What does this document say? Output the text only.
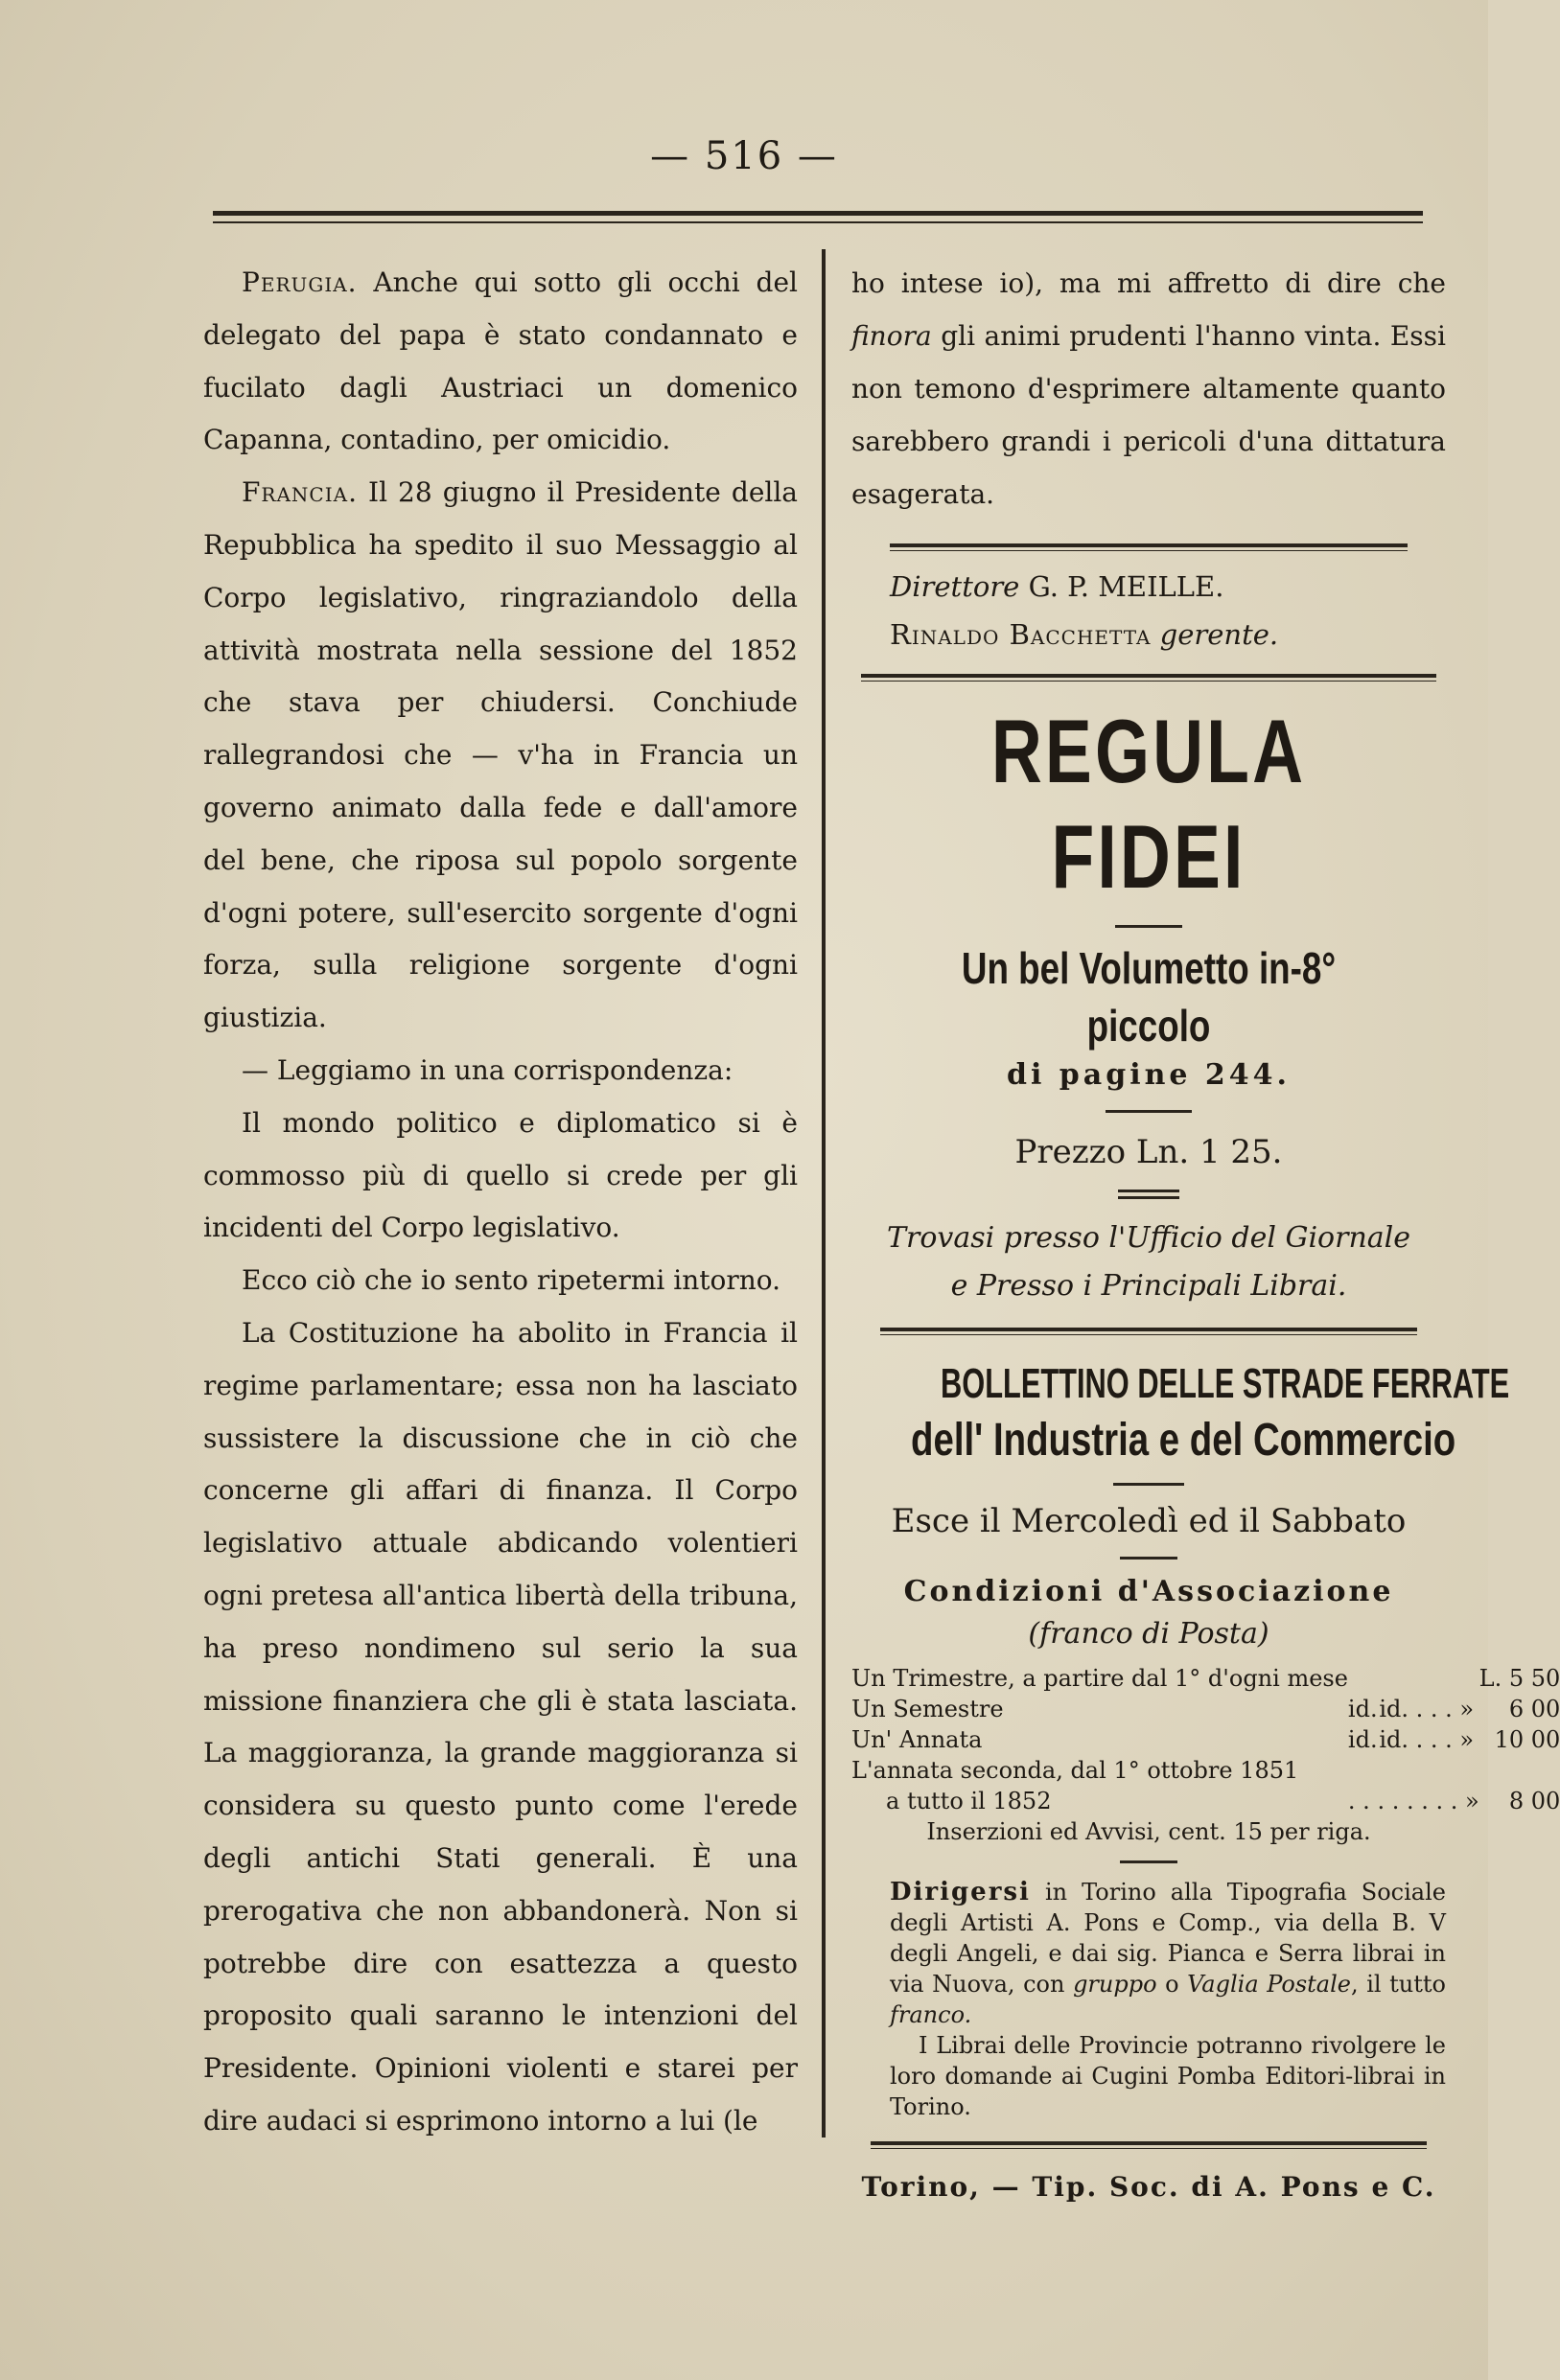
— 516 —

Perugia. Anche qui sotto gli occhi del delegato del papa è stato condannato e fucilato dagli Austriaci un domenico Capanna, contadino, per omicidio.

Francia. Il 28 giugno il Presidente della Repubblica ha spedito il suo Messaggio al Corpo legislativo, ringraziandolo della attività mostrata nella sessione del 1852 che stava per chiudersi. Conchiude rallegrandosi che — v'ha in Francia un governo animato dalla fede e dall'amore del bene, che riposa sul popolo sorgente d'ogni potere, sull'esercito sorgente d'ogni forza, sulla religione sorgente d'ogni giustizia.

— Leggiamo in una corrispondenza:

Il mondo politico e diplomatico si è commosso più di quello si crede per gli incidenti del Corpo legislativo.

Ecco ciò che io sento ripetermi intorno.

La Costituzione ha abolito in Francia il regime parlamentare; essa non ha lasciato sussistere la discussione che in ciò che concerne gli affari di finanza. Il Corpo legislativo attuale abdicando volentieri ogni pretesa all'antica libertà della tribuna, ha preso nondimeno sul serio la sua missione finanziera che gli è stata lasciata. La maggioranza, la grande maggioranza si considera su questo punto come l'erede degli antichi Stati generali. È una prerogativa che non abbandonerà. Non si potrebbe dire con esattezza a questo proposito quali saranno le intenzioni del Presidente. Opinioni violenti e starei per dire audaci si esprimono intorno a lui (le

ho intese io), ma mi affretto di dire che finora gli animi prudenti l'hanno vinta. Essi non temono d'esprimere altamente quanto sarebbero grandi i pericoli d'una dittatura esagerata.

Direttore G. P. MEILLE.
Rinaldo Bacchetta gerente.

REGULA FIDEI

Un bel Volumetto in-8° piccolo

di pagine 244.

Prezzo Ln. 1 25.

Trovasi presso l'Ufficio del Giornale

e Presso i Principali Librai.

BOLLETTINO DELLE STRADE FERRATE

dell' Industria e del Commercio

Esce il Mercoledì ed il Sabbato

Condizioni d'Associazione

(franco di Posta)

Un Trimestre, a partire dal 1° d'ogni mese			L. 5 50
Un Semestre	id.	id. . . . »	6 00
Un' Annata	id.	id. . . . »	10 00
L'annata seconda, dal 1° ottobre 1851			
a tutto il 1852	. . . . . . . . »		8 00

Inserzioni ed Avvisi, cent. 15 per riga.

Dirigersi in Torino alla Tipografia Sociale degli Artisti A. Pons e Comp., via della B. V degli Angeli, e dai sig. Pianca e Serra librai in via Nuova, con gruppo o Vaglia Postale, il tutto franco.

I Librai delle Provincie potranno rivolgere le loro domande ai Cugini Pomba Editori-librai in Torino.

Torino, — Tip. Soc. di A. Pons e C.
